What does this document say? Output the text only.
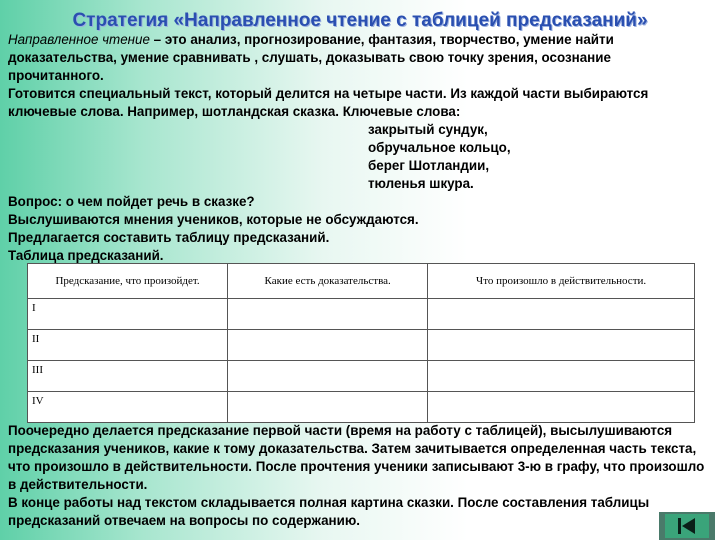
Стратегия «Направленное чтение с таблицей предсказаний»

Направленное чтение – это анализ, прогнозирование, фантазия, творчество, умение найти доказательства, умение сравнивать , слушать, доказывать свою точку зрения, осознание прочитанного.

Готовится специальный текст, который делится на четыре части. Из каждой части выбираются ключевые слова. Например, шотландская сказка. Ключевые слова:

закрытый сундук,
обручальное кольцо,
берег Шотландии,
тюленья шкура.

Вопрос: о чем пойдет речь в сказке?

Выслушиваются мнения учеников, которые не обсуждаются.

Предлагается составить таблицу предсказаний.

Таблица предсказаний.

Предсказание, что произойдет.	Какие есть доказательства.	Что произошло в действительности.
I		
II		
III		
IV		

Поочередно делается предсказание первой части (время на работу с таблицей), высылушиваются предсказания учеников, какие к тому доказательства. Затем зачитывается определенная часть текста, что произошло в действительности. После прочтения ученики записывают 3-ю в графу, что произошло в действительности.

В конце работы над текстом складывается полная картина сказки. После составления таблицы предсказаний отвечаем на вопросы по содержанию.
